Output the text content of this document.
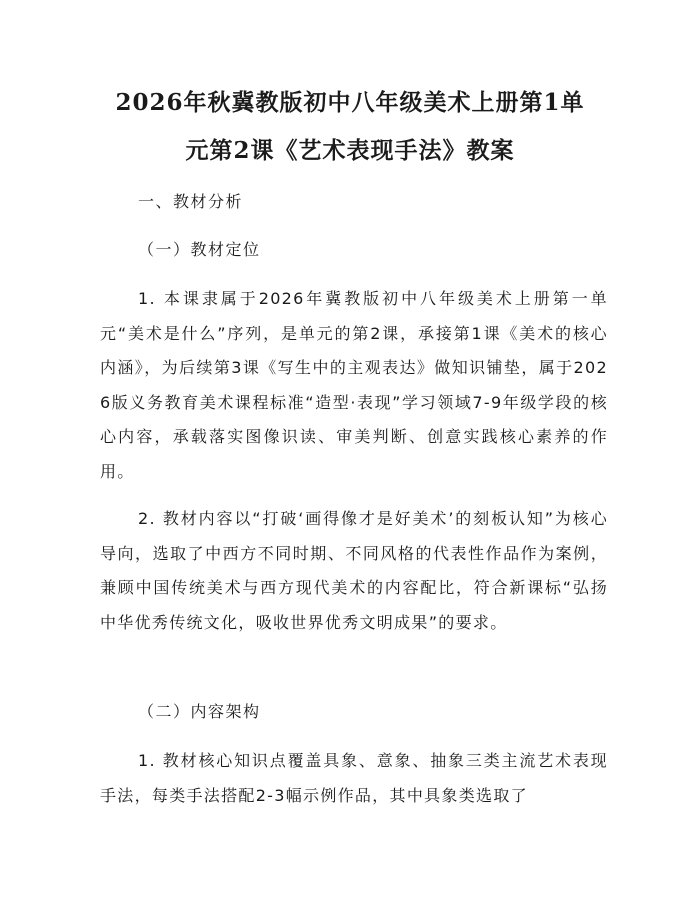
2026年秋冀教版初中八年级美术上册第1单
元第2课《艺术表现手法》教案

一、教材分析

（一）教材定位

1. 本课隶属于2026年冀教版初中八年级美术上册第一单元“美术是什么”序列，是单元的第2课，承接第1课《美术的核心内涵》，为后续第3课《写生中的主观表达》做知识铺垫，属于2026版义务教育美术课程标准“造型·表现”学习领域7-9年级学段的核心内容，承载落实图像识读、审美判断、创意实践核心素养的作用。

2. 教材内容以“打破‘画得像才是好美术’的刻板认知”为核心导向，选取了中西方不同时期、不同风格的代表性作品作为案例，兼顾中国传统美术与西方现代美术的内容配比，符合新课标“弘扬中华优秀传统文化，吸收世界优秀文明成果”的要求。

（二）内容架构

1. 教材核心知识点覆盖具象、意象、抽象三类主流艺术表现手法，每类手法搭配2-3幅示例作品，其中具象类选取了
